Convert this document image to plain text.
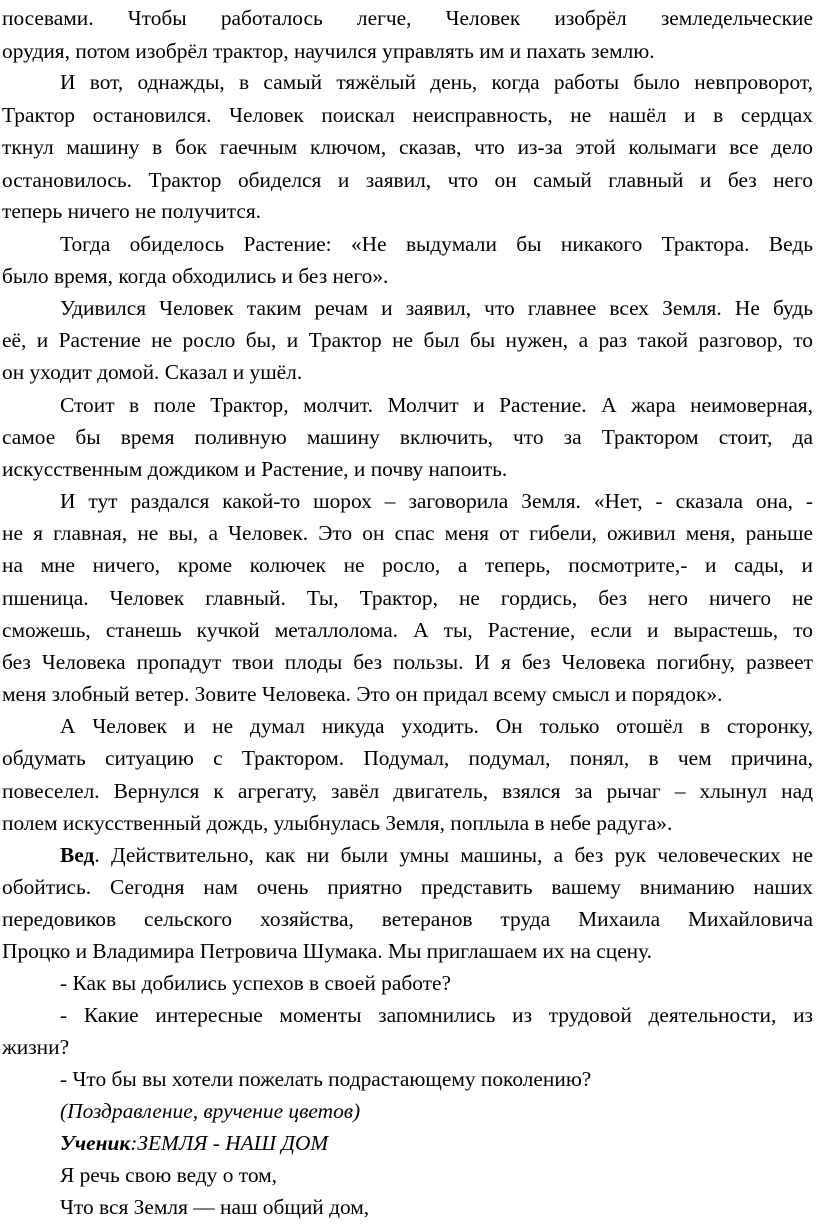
посевами. Чтобы работалось легче, Человек изобрёл земледельческие
орудия, потом изобрёл трактор, научился управлять им и пахать землю.
И вот, однажды, в самый тяжёлый день, когда работы было невпроворот,
Трактор остановился. Человек поискал неисправность, не нашёл и в сердцах
ткнул машину в бок гаечным ключом, сказав, что из-за этой колымаги все дело
остановилось. Трактор обиделся и заявил, что он самый главный и без него
теперь ничего не получится.
Тогда обиделось Растение: «Не выдумали бы никакого Трактора. Ведь
было время, когда обходились и без него».
Удивился Человек таким речам и заявил, что главнее всех Земля. Не будь
её, и Растение не росло бы, и Трактор не был бы нужен, а раз такой разговор, то
он уходит домой. Сказал и ушёл.
Стоит в поле Трактор, молчит. Молчит и Растение. А жара неимоверная,
самое бы время поливную машину включить, что за Трактором стоит, да
искусственным дождиком и Растение, и почву напоить.
И тут раздался какой-то шорох – заговорила Земля. «Нет, - сказала она, -
не я главная, не вы, а Человек. Это он спас меня от гибели, оживил меня, раньше
на мне ничего, кроме колючек не росло, а теперь, посмотрите,- и сады, и
пшеница. Человек главный. Ты, Трактор, не гордись, без него ничего не
сможешь, станешь кучкой металлолома. А ты, Растение, если и вырастешь, то
без Человека пропадут твои плоды без пользы. И я без Человека погибну, развеет
меня злобный ветер. Зовите Человека. Это он придал всему смысл и порядок».
А Человек и не думал никуда уходить. Он только отошёл в сторонку,
обдумать ситуацию с Трактором. Подумал, подумал, понял, в чем причина,
повеселел. Вернулся к агрегату, завёл двигатель, взялся за рычаг – хлынул над
полем искусственный дождь, улыбнулась Земля, поплыла в небе радуга».
Вед. Действительно, как ни были умны машины, а без рук человеческих не
обойтись. Сегодня нам очень приятно представить вашему вниманию наших
передовиков сельского хозяйства, ветеранов труда Михаила Михайловича
Процко и Владимира Петровича Шумака. Мы приглашаем их на сцену.
- Как вы добились успехов в своей работе?
- Какие интересные моменты запомнились из трудовой деятельности, из
жизни?
- Что бы вы хотели пожелать подрастающему поколению?
(Поздравление, вручение цветов)
Ученик:ЗЕМЛЯ - НАШ ДОМ
Я речь свою веду о том,
Что вся Земля — наш общий дом,
